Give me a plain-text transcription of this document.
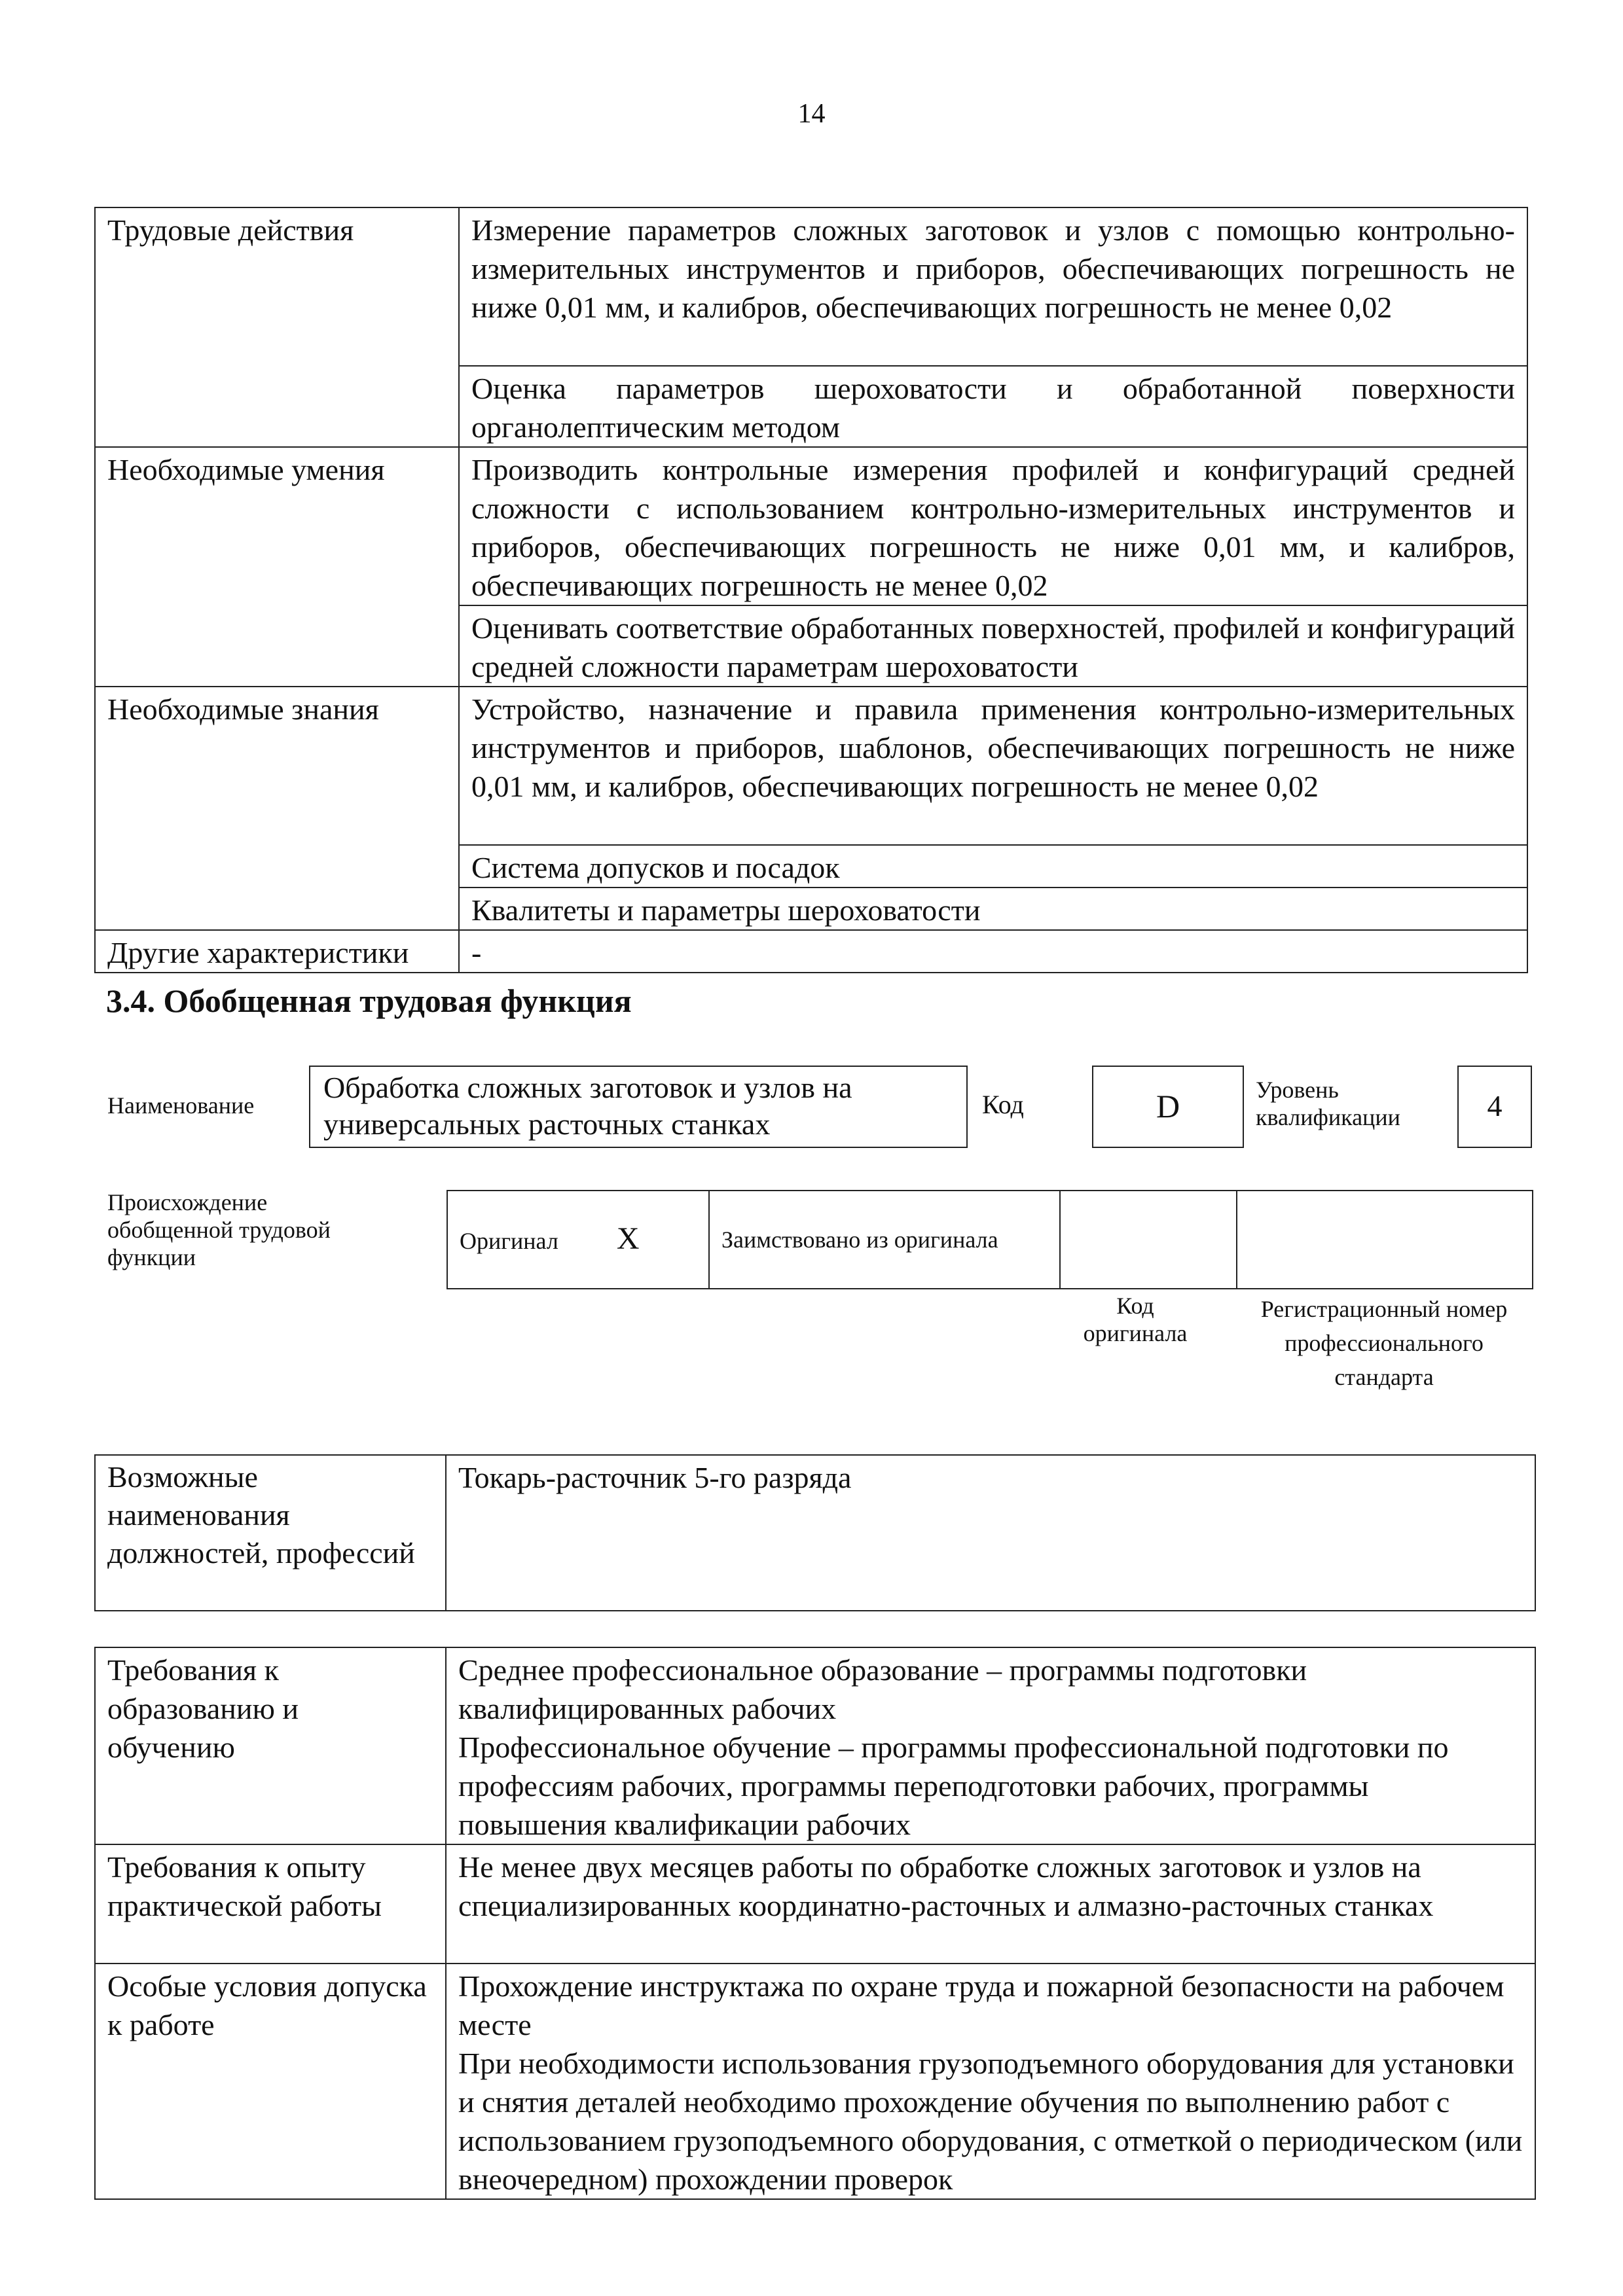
14
Трудовые действия	Измерение параметров сложных заготовок и узлов с помощью контрольно-измерительных инструментов и приборов, обеспечивающих погрешность не ниже 0,01 мм, и калибров, обеспечивающих погрешность не менее 0,02
	Оценка параметров шероховатости и обработанной поверхности органолептическим методом
Необходимые умения	Производить контрольные измерения профилей и конфигураций средней сложности с использованием контрольно-измерительных инструментов и приборов, обеспечивающих погрешность не ниже 0,01 мм, и калибров, обеспечивающих погрешность не менее 0,02
	Оценивать соответствие обработанных поверхностей, профилей и конфигураций средней сложности параметрам шероховатости
Необходимые знания	Устройство, назначение и правила применения контрольно-измерительных инструментов и приборов, шаблонов, обеспечивающих погрешность не ниже 0,01 мм, и калибров, обеспечивающих погрешность не менее 0,02
	Система допусков и посадок
	Квалитеты и параметры шероховатости
Другие характеристики	-
3.4. Обобщенная трудовая функция
Наименование
Обработка сложных заготовок и узлов на универсальных расточных станках
Код	D	Уровень квалификации	4
Происхождение обобщенной трудовой функции
Оригинал X	Заимствовано из оригинала		
Код оригинала
Регистрационный номер профессионального стандарта
Возможные наименования должностей, профессий	Токарь-расточник 5-го разряда
Требования к образованию и обучению	Среднее профессиональное образование – программы подготовки квалифицированных рабочих
Профессиональное обучение – программы профессиональной подготовки по профессиям рабочих, программы переподготовки рабочих, программы повышения квалификации рабочих

Требования к опыту практической работы	Не менее двух месяцев работы по обработке сложных заготовок и узлов на специализированных координатно-расточных и алмазно-расточных станках

Особые условия допуска к работе	Прохождение инструктажа по охране труда и пожарной безопасности на рабочем месте
При необходимости использования грузоподъемного оборудования для установки и снятия деталей необходимо прохождение обучения по выполнению работ с использованием грузоподъемного оборудования, с отметкой о периодическом (или внеочередном) прохождении проверок
